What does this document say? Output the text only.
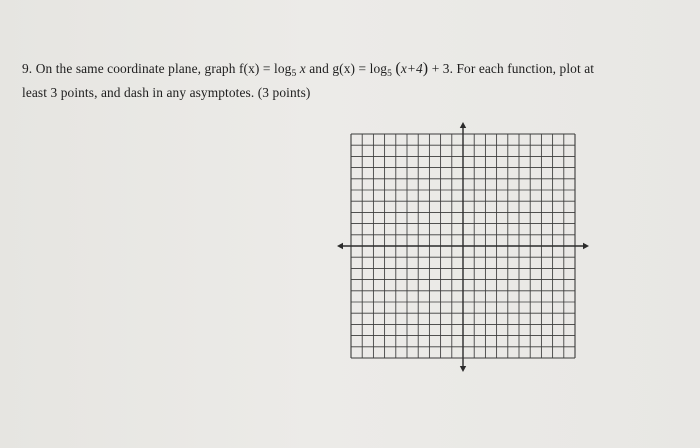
9. On the same coordinate plane, graph $f(x) = \log_5 x$ and $g(x) = \log_5 (x+4) + 3$. For each function, plot at
least 3 points, and dash in any asymptotes. (3 points)
